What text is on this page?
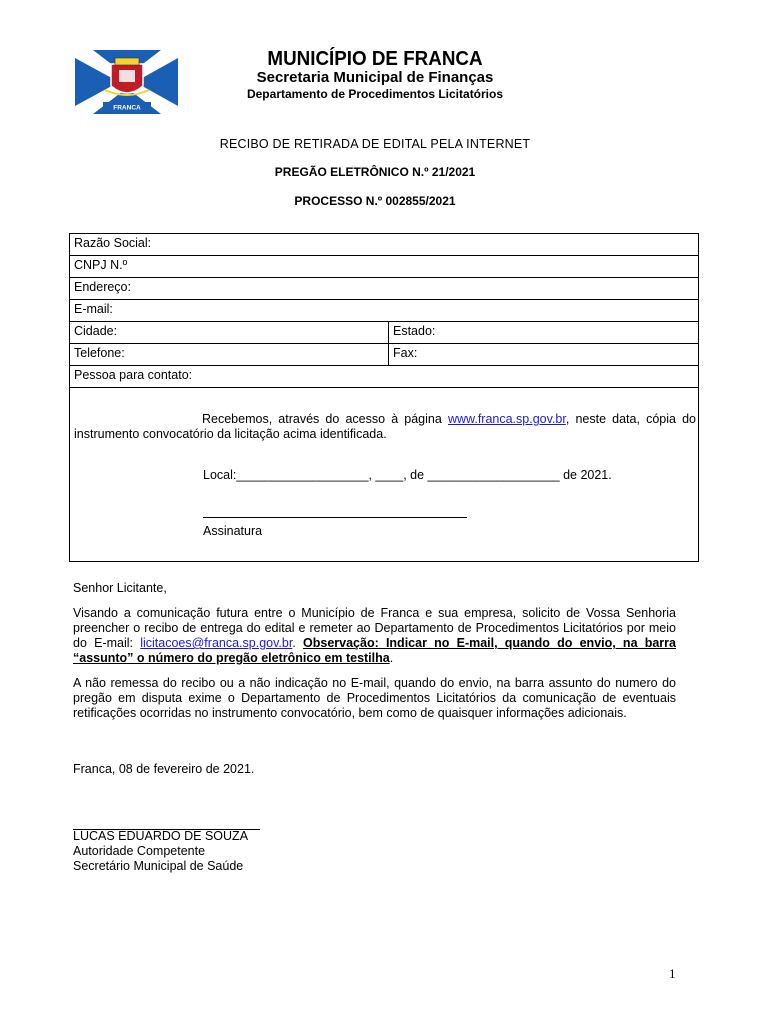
FRANCA
MUNICÍPIO DE FRANCA
Secretaria Municipal de Finanças
Departamento de Procedimentos Licitatórios
RECIBO DE RETIRADA DE EDITAL PELA INTERNET
PREGÃO ELETRÔNICO N.º 21/2021
PROCESSO N.º 002855/2021
Razão Social:	
CNPJ N.º	
Endereço:	
E-mail:	
Cidade:	Estado:
Telefone:	Fax:
Pessoa para contato:	
Recebemos, através do acesso à página www.franca.sp.gov.br, neste data, cópia do instrumento convocatório da licitação acima identificada.
Local:___________________, ____, de ___________________ de 2021.
Assinatura
Senhor Licitante,
Visando a comunicação futura entre o Município de Franca e sua empresa, solicito de Vossa Senhoria preencher o recibo de entrega do edital e remeter ao Departamento de Procedimentos Licitatórios por meio do E-mail: licitacoes@franca.sp.gov.br. Observação: Indicar no E-mail, quando do envio, na barra “assunto” o número do pregão eletrônico em testilha.
A não remessa do recibo ou a não indicação no E-mail, quando do envio, na barra assunto do numero do pregão em disputa exime o Departamento de Procedimentos Licitatórios da comunicação de eventuais retificações ocorridas no instrumento convocatório, bem como de quaisquer informações adicionais.
Franca, 08 de fevereiro de 2021.
LUCAS EDUARDO DE SOUZA
Autoridade Competente
Secretário Municipal de Saúde
1
